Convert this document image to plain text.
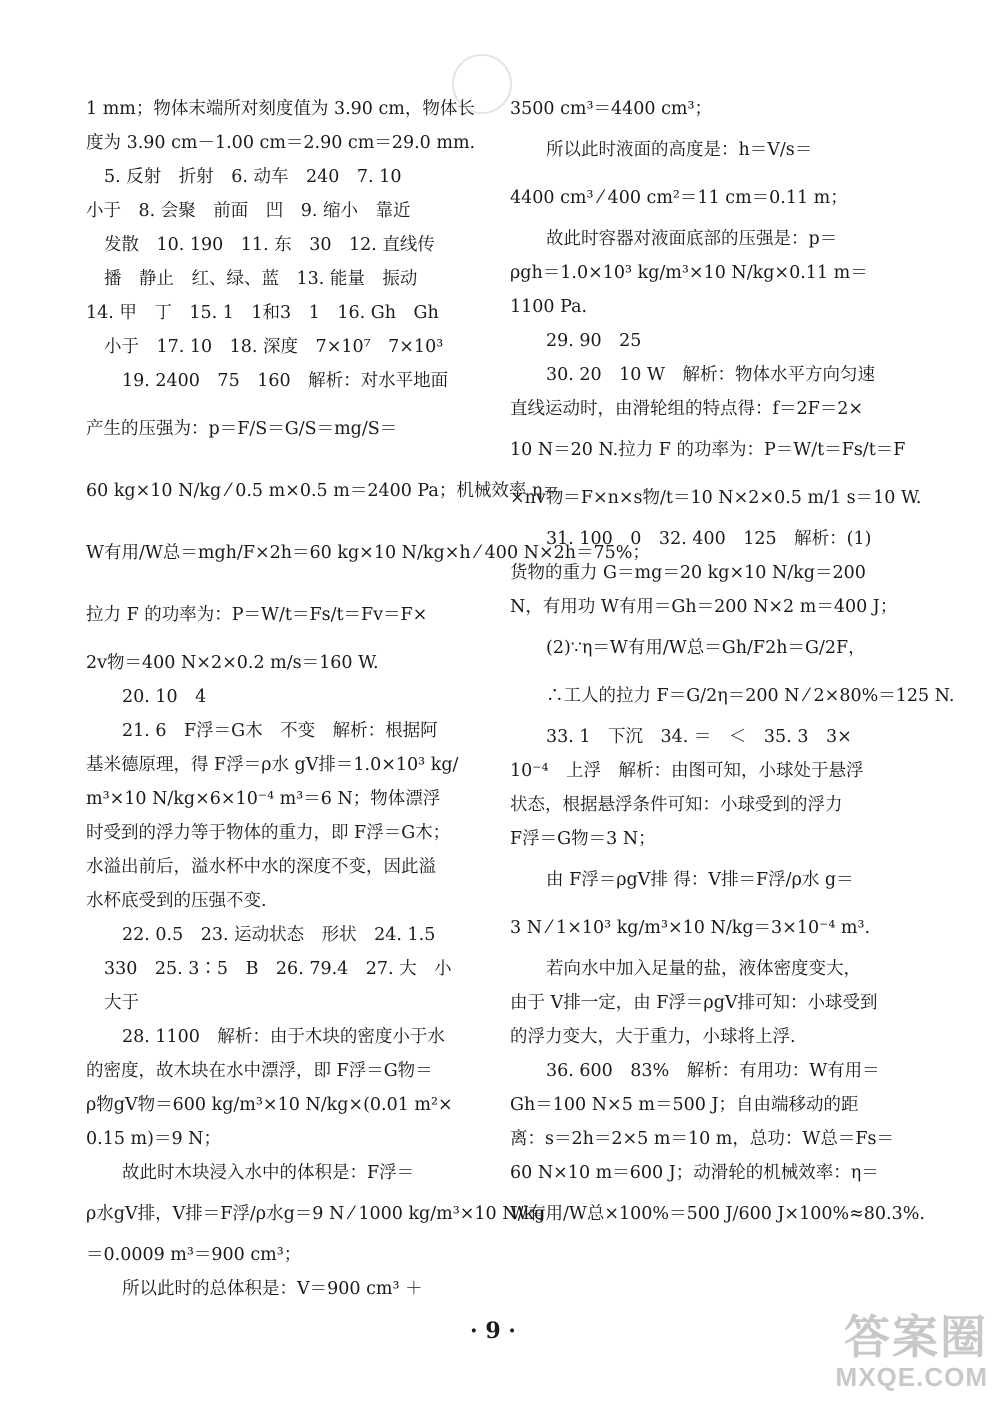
1 mm；物体末端所对刻度值为 3.90 cm，物体长
度为 3.90 cm－1.00 cm＝2.90 cm＝29.0 mm.
5. 反射　折射　6. 动车　240　7. 10
小于　8. 会聚　前面　凹　9. 缩小　靠近
发散　10. 190　11. 东　30　12. 直线传
播　静止　红、绿、蓝　13. 能量　振动
14. 甲　丁　15. 1　1和3　1　16. Gh　Gh
小于　17. 10　18. 深度　7×10⁷　7×10³
19. 2400　75　160　解析：对水平地面
产生的压强为：p＝F/S＝G/S＝mg/S＝
60 kg×10 N/kg ⁄ 0.5 m×0.5 m＝2400 Pa；机械效率 η＝
W有用/W总＝mgh/F×2h＝60 kg×10 N/kg×h ⁄ 400 N×2h＝75%；
拉力 F 的功率为：P＝W/t＝Fs/t＝Fv＝F×
2v物＝400 N×2×0.2 m/s＝160 W.
20. 10　4
21. 6　F浮＝G木　不变　解析：根据阿
基米德原理，得 F浮＝ρ水 gV排＝1.0×10³ kg/
m³×10 N/kg×6×10⁻⁴ m³＝6 N；物体漂浮
时受到的浮力等于物体的重力，即 F浮＝G木；
水溢出前后，溢水杯中水的深度不变，因此溢
水杯底受到的压强不变.
22. 0.5　23. 运动状态　形状　24. 1.5
330　25. 3∶5　B　26. 79.4　27. 大　小
大于
28. 1100　解析：由于木块的密度小于水
的密度，故木块在水中漂浮，即 F浮＝G物＝
ρ物gV物＝600 kg/m³×10 N/kg×(0.01 m²×
0.15 m)＝9 N；
故此时木块浸入水中的体积是：F浮＝
ρ水gV排，V排＝F浮/ρ水g＝9 N ⁄ 1000 kg/m³×10 N/kg
＝0.0009 m³＝900 cm³；
所以此时的总体积是：V＝900 cm³ ＋
3500 cm³＝4400 cm³；
所以此时液面的高度是：h＝V/s＝
4400 cm³ ⁄ 400 cm²＝11 cm＝0.11 m；
故此时容器对液面底部的压强是：p＝
ρgh＝1.0×10³ kg/m³×10 N/kg×0.11 m＝
1100 Pa.
29. 90　25
30. 20　10 W　解析：物体水平方向匀速
直线运动时，由滑轮组的特点得：f＝2F＝2×
10 N＝20 N.拉力 F 的功率为：P＝W/t＝Fs/t＝F
×nv物＝F×n×s物/t＝10 N×2×0.5 m/1 s＝10 W.
31. 100　0　32. 400　125　解析：(1)
货物的重力 G＝mg＝20 kg×10 N/kg＝200
N，有用功 W有用＝Gh＝200 N×2 m＝400 J；
(2)∵η＝W有用/W总＝Gh/F2h＝G/2F，
∴工人的拉力 F＝G/2η＝200 N ⁄ 2×80%＝125 N.
33. 1　下沉　34. ＝　＜　35. 3　3×
10⁻⁴　上浮　解析：由图可知，小球处于悬浮
状态，根据悬浮条件可知：小球受到的浮力
F浮＝G物＝3 N；
由 F浮＝ρgV排 得：V排＝F浮/ρ水 g＝
3 N ⁄ 1×10³ kg/m³×10 N/kg＝3×10⁻⁴ m³.
若向水中加入足量的盐，液体密度变大，
由于 V排一定，由 F浮＝ρgV排可知：小球受到
的浮力变大，大于重力，小球将上浮.
36. 600　83%　解析：有用功：W有用＝
Gh＝100 N×5 m＝500 J；自由端移动的距
离：s＝2h＝2×5 m＝10 m，总功：W总＝Fs＝
60 N×10 m＝600 J；动滑轮的机械效率：η＝
W有用/W总×100%＝500 J/600 J×100%≈80.3%.
· 9 ·	答案圈
MXQE.COM
